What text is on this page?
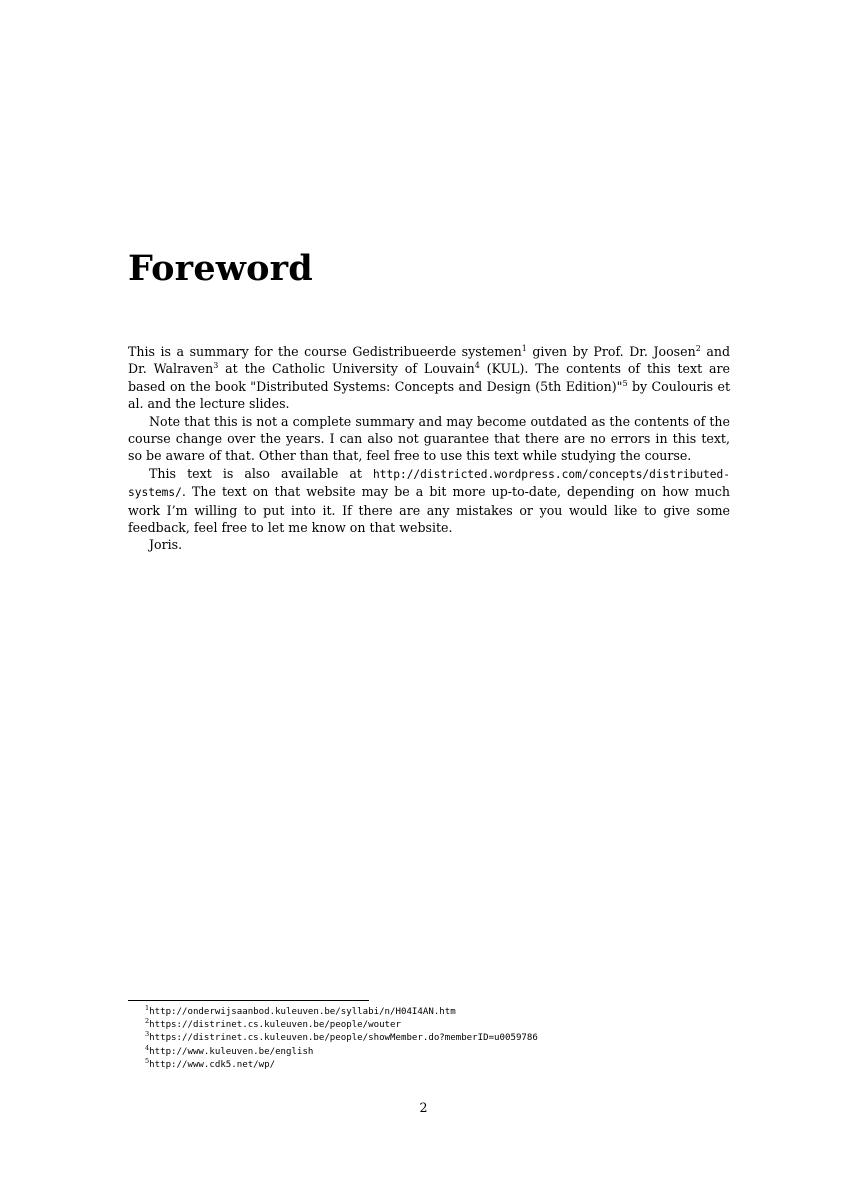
Foreword

This is a summary for the course Gedistribueerde systemen$^1$ given by Prof. Dr. Joosen$^2$ and Dr. Walraven$^3$ at the Catholic University of Louvain$^4$ (KUL). The contents of this text are based on the book "Distributed Systems: Concepts and Design (5th Edition)"$^5$ by Coulouris et al. and the lecture slides.

Note that this is not a complete summary and may become outdated as the contents of the course change over the years. I can also not guarantee that there are no errors in this text, so be aware of that. Other than that, feel free to use this text while studying the course.

This text is also available at http://districted.wordpress.com/concepts/distributed-systems/. The text on that website may be a bit more up-to-date, depending on how much work I’m willing to put into it. If there are any mistakes or you would like to give some feedback, feel free to let me know on that website.

Joris.

$^1$http://onderwijsaanbod.kuleuven.be/syllabi/n/H04I4AN.htm
$^2$https://distrinet.cs.kuleuven.be/people/wouter
$^3$https://distrinet.cs.kuleuven.be/people/showMember.do?memberID=u0059786
$^4$http://www.kuleuven.be/english
$^5$http://www.cdk5.net/wp/
2
